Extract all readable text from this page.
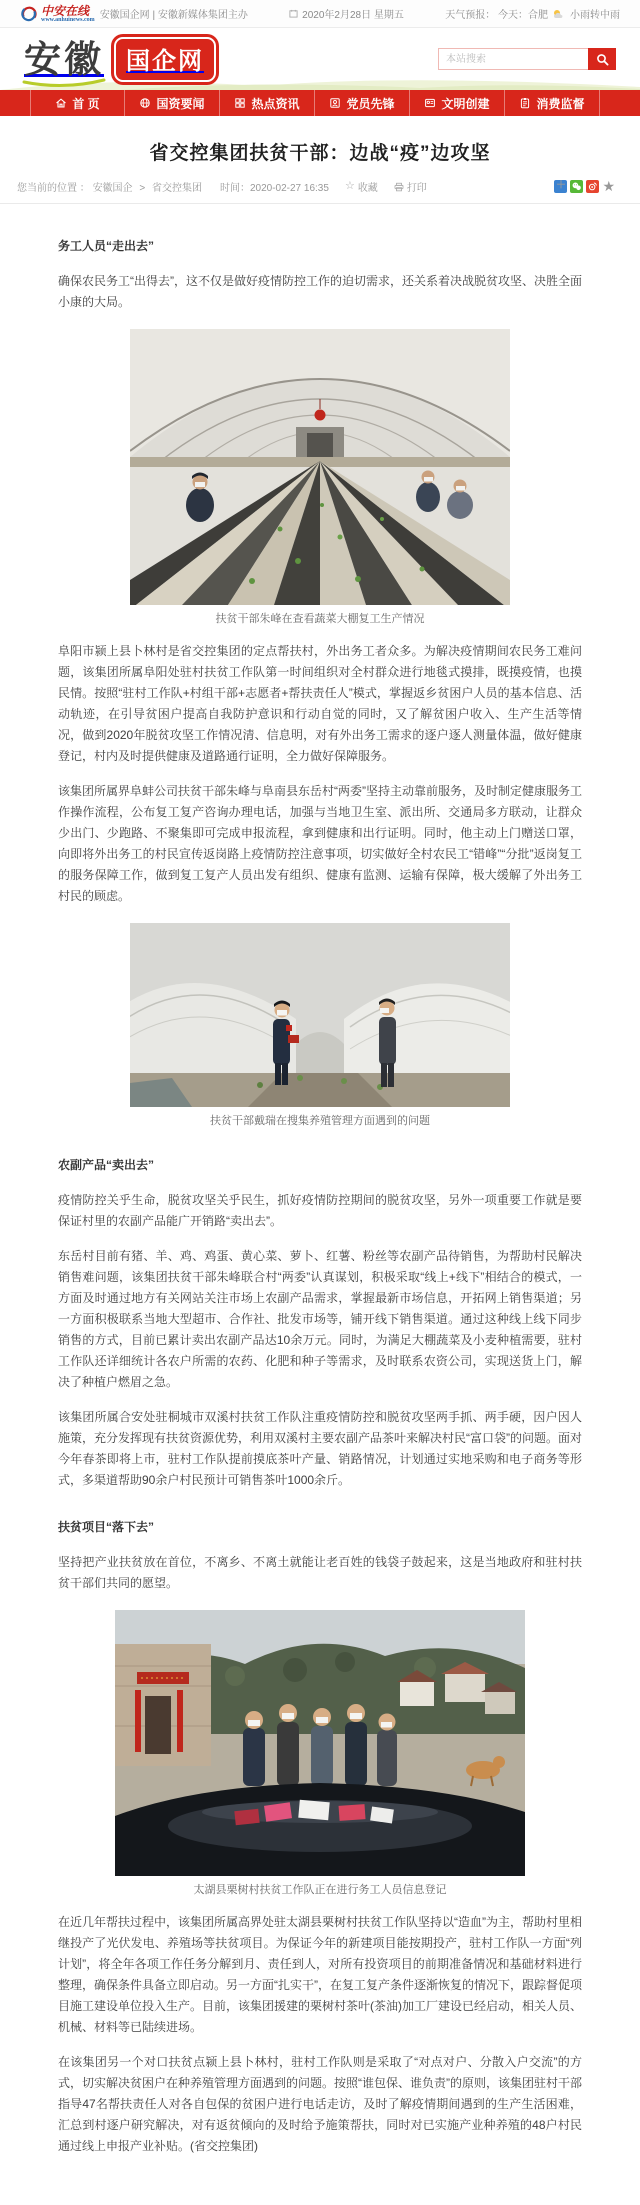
中安在线
www.anhuinews.com 安徽国企网 | 安徽新媒体集团主办	2020年2月28日 星期五	天气预报： 今天：合肥 小雨转中雨
安徽 国企网
本站搜索
首 页	国资要闻	热点资讯	党员先锋	文明创建	消费监督
省交控集团扶贫干部：边战“疫”边攻坚
您当前的位置 ： 安徽国企 > 省交控集团 时间：2020-02-27 16:35 ☆ 收藏	打印	＋	★
务工人员“走出去”

确保农民务工“出得去”，这不仅是做好疫情防控工作的迫切需求，还关系着决战脱贫攻坚、决胜全面小康的大局。

扶贫干部朱峰在查看蔬菜大棚复工生产情况

阜阳市颍上县卜林村是省交控集团的定点帮扶村，外出务工者众多。为解决疫情期间农民务工难问题，该集团所属阜阳处驻村扶贫工作队第一时间组织对全村群众进行地毯式摸排，既摸疫情，也摸民情。按照“驻村工作队+村组干部+志愿者+帮扶责任人”模式，掌握返乡贫困户人员的基本信息、活动轨迹，在引导贫困户提高自我防护意识和行动自觉的同时，又了解贫困户收入、生产生活等情况，做到2020年脱贫攻坚工作情况清、信息明，对有外出务工需求的逐户逐人测量体温，做好健康登记，村内及时提供健康及道路通行证明，全力做好保障服务。

该集团所属界阜蚌公司扶贫干部朱峰与阜南县东岳村“两委”坚持主动靠前服务，及时制定健康服务工作操作流程，公布复工复产咨询办理电话，加强与当地卫生室、派出所、交通局多方联动，让群众少出门、少跑路、不聚集即可完成申报流程，拿到健康和出行证明。同时，他主动上门赠送口罩，向即将外出务工的村民宣传返岗路上疫情防控注意事项，切实做好全村农民工“错峰”“分批”返岗复工的服务保障工作，做到复工复产人员出发有组织、健康有监测、运输有保障，极大缓解了外出务工村民的顾虑。

扶贫干部戴瑞在搜集养殖管理方面遇到的问题
农副产品“卖出去”

疫情防控关乎生命，脱贫攻坚关乎民生，抓好疫情防控期间的脱贫攻坚，另外一项重要工作就是要保证村里的农副产品能广开销路“卖出去”。

东岳村目前有猪、羊、鸡、鸡蛋、黄心菜、萝卜、红薯、粉丝等农副产品待销售，为帮助村民解决销售难问题，该集团扶贫干部朱峰联合村“两委”认真谋划，积极采取“线上+线下”相结合的模式，一方面及时通过地方有关网站关注市场上农副产品需求，掌握最新市场信息，开拓网上销售渠道；另一方面积极联系当地大型超市、合作社、批发市场等，铺开线下销售渠道。通过这种线上线下同步销售的方式，目前已累计卖出农副产品达10余万元。同时，为满足大棚蔬菜及小麦种植需要，驻村工作队还详细统计各农户所需的农药、化肥和种子等需求，及时联系农资公司，实现送货上门，解决了种植户燃眉之急。

该集团所属合安处驻桐城市双溪村扶贫工作队注重疫情防控和脱贫攻坚两手抓、两手硬，因户因人施策，充分发挥现有扶贫资源优势，利用双溪村主要农副产品茶叶来解决村民“富口袋”的问题。面对今年春茶即将上市，驻村工作队提前摸底茶叶产量、销路情况，计划通过实地采购和电子商务等形式，多渠道帮助90余户村民预计可销售茶叶1000余斤。

扶贫项目“落下去”

坚持把产业扶贫放在首位，不离乡、不离土就能让老百姓的钱袋子鼓起来，这是当地政府和驻村扶贫干部们共同的愿望。

太湖县栗树村扶贫工作队正在进行务工人员信息登记

在近几年帮扶过程中，该集团所属高界处驻太湖县栗树村扶贫工作队坚持以“造血”为主，帮助村里相继投产了光伏发电、养殖场等扶贫项目。为保证今年的新建项目能按期投产，驻村工作队一方面“列计划”，将全年各项工作任务分解到月、责任到人，对所有投资项目的前期准备情况和基础材料进行整理，确保条件具备立即启动。另一方面“扎实干”，在复工复产条件逐渐恢复的情况下，跟踪督促项目施工建设单位投入生产。目前，该集团援建的栗树村茶叶(茶油)加工厂建设已经启动，相关人员、机械、材料等已陆续进场。

在该集团另一个对口扶贫点颍上县卜林村，驻村工作队则是采取了“对点对户、分散入户交流”的方式，切实解决贫困户在种养殖管理方面遇到的问题。按照“谁包保、谁负责”的原则，该集团驻村干部指导47名帮扶责任人对各自包保的贫困户进行电话走访，及时了解疫情期间遇到的生产生活困难，汇总到村逐户研究解决，对有返贫倾向的及时给予施策帮扶，同时对已实施产业种养殖的48户村民通过线上申报产业补贴。(省交控集团)
